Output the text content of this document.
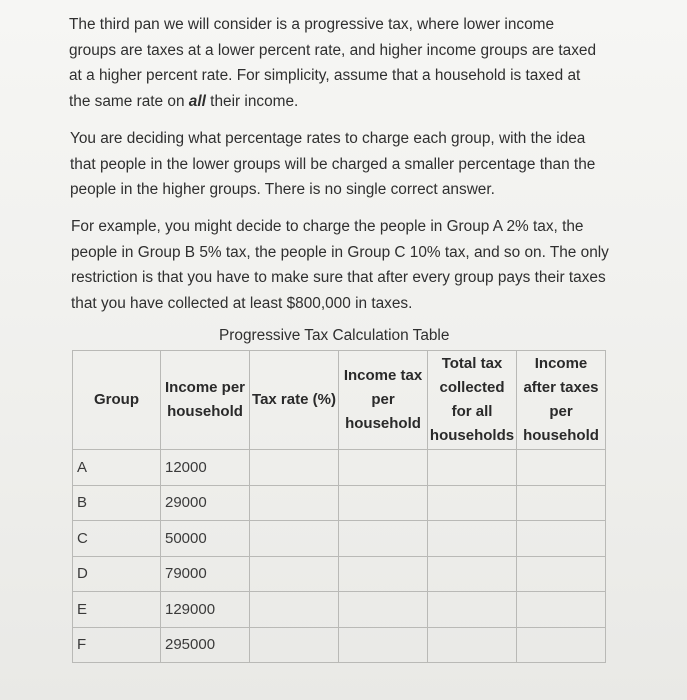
The third pan we will consider is a progressive tax, where lower income groups are taxes at a lower percent rate, and higher income groups are taxed at a higher percent rate. For simplicity, assume that a household is taxed at the same rate on all their income.

You are deciding what percentage rates to charge each group, with the idea that people in the lower groups will be charged a smaller percentage than the people in the higher groups. There is no single correct answer.

For example, you might decide to charge the people in Group A 2% tax, the people in Group B 5% tax, the people in Group C 10% tax, and so on. The only restriction is that you have to make sure that after every group pays their taxes that you have collected at least $800,000 in taxes.

Progressive Tax Calculation Table
Group	Income per household	Tax rate (%)	Income tax per household	Total tax collected for all households	Income after taxes per household
A	12000				
B	29000				
C	50000				
D	79000				
E	129000				
F	295000				
